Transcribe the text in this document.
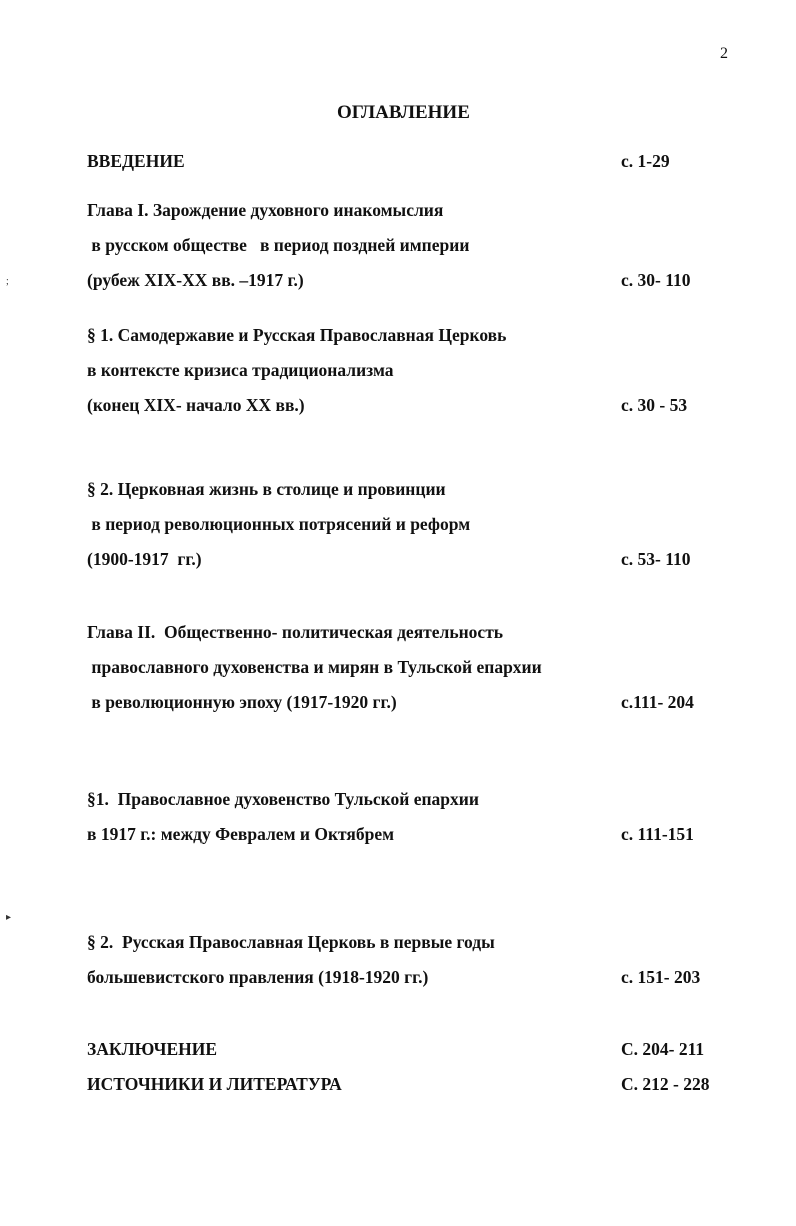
2
ОГЛАВЛЕНИЕ
ВВЕДЕНИЕ	с. 1-29
Глава I. Зарождение духовного инакомыслия
в русском обществе   в период поздней империи
(рубеж XIX-XX вв. –1917 г.)	с. 30- 110
§ 1. Самодержавие и Русская Православная Церковь
в контексте кризиса традиционализма
(конец XIX- начало XX вв.)	с. 30 - 53
§ 2. Церковная жизнь в столице и провинции
в период революционных потрясений и реформ
(1900-1917  гг.)	с. 53- 110
Глава II.  Общественно- политическая деятельность
православного духовенства и мирян в Тульской епархии
в революционную эпоху (1917-1920 гг.)	с.111- 204
§1.  Православное духовенство Тульской епархии
в 1917 г.: между Февралем и Октябрем	с. 111-151
§ 2.  Русская Православная Церковь в первые годы
большевистского правления (1918-1920 гг.)	с. 151- 203
ЗАКЛЮЧЕНИЕ	С. 204- 211
ИСТОЧНИКИ И ЛИТЕРАТУРА	С. 212 - 228
;
▸
